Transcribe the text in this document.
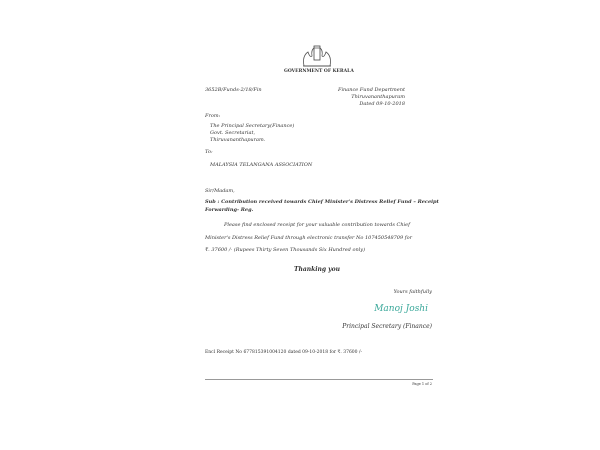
GOVERNMENT OF KERALA
3652B/Funds-2/18/Fin	Finance Fund Department
Thiruvananthapuram
Dated 09-10-2018
From:
The Principal Secretary(Finance)
Govt. Secretariat,
Thiruvananthapuram.
To:
MALAYSIA TELANGANA ASSOCIATION
Sir/Madam,
Sub : Contribution received towards Chief Minister's Distress Relief Fund – Receipt
Forwarding- Reg.
Please find enclosed receipt for your valuable contribution towards Chief
Minister's Distress Relief Fund through electronic transfer No 107450548709 for
₹. 37600 /- (Rupees Thirty Seven Thousands Six Hundred only)
Thanking you
Yours faithfully
Manoj Joshi
Principal Secretary (Finance)
Encl Receipt No 677815391004120 dated 09-10-2018 for ₹. 37600 /-
Page 1 of 2
